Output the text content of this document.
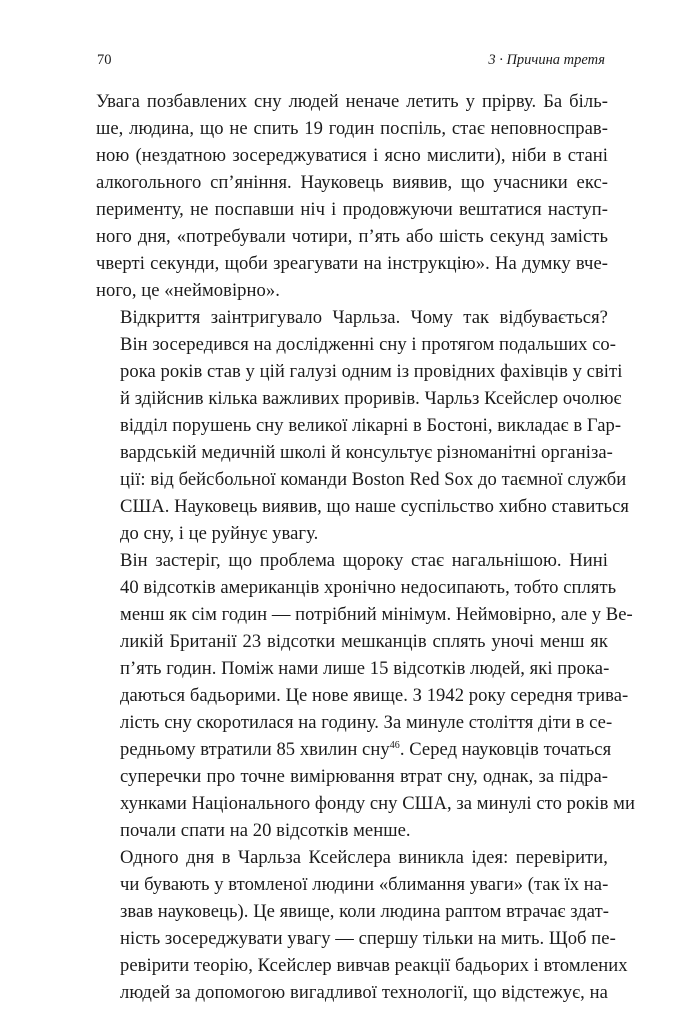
70	3 · Причина третя

Увага позбавлених сну людей неначе летить у прірву. Ба біль-
ше, людина, що не спить 19 годин поспіль, стає неповносправ-
ною (нездатною зосереджуватися і ясно мислити), ніби в стані
алкогольного сп’яніння. Науковець виявив, що учасники екс-
перименту, не поспавши ніч і продовжуючи вештатися наступ-
ного дня, «потребували чотири, п’ять або шість секунд замість
чверті секунди, щоби зреагувати на інструкцію». На думку вче-
ного, це «неймовірно».

Відкриття заінтригувало Чарльза. Чому так відбувається?
Він зосередився на дослідженні сну і протягом подальших со-
рока років став у цій галузі одним із провідних фахівців у світі
й здійснив кілька важливих проривів. Чарльз Ксейслер очолює
відділ порушень сну великої лікарні в Бостоні, викладає в Гар-
вардській медичній школі й консультує різноманітні організа-
ції: від бейсбольної команди Boston Red Sox до таємної служби
США. Науковець виявив, що наше суспільство хибно ставиться
до сну, і це руйнує увагу.

Він застеріг, що проблема щороку стає нагальнішою. Нині
40 відсотків американців хронічно недосипають, тобто сплять
менш як сім годин — потрібний мінімум. Неймовірно, але у Ве-
ликій Британії 23 відсотки мешканців сплять уночі менш як
п’ять годин. Поміж нами лише 15 відсотків людей, які прока-
даються бадьорими. Це нове явище. З 1942 року середня трива-
лість сну скоротилася на годину. За минуле століття діти в се-
редньому втратили 85 хвилин сну$^{46}$. Серед науковців точаться
суперечки про точне вимірювання втрат сну, однак, за підра-
хунками Національного фонду сну США, за минулі сто років ми
почали спати на 20 відсотків менше.

Одного дня в Чарльза Ксейслера виникла ідея: перевірити,
чи бувають у втомленої людини «блимання уваги» (так їх на-
звав науковець). Це явище, коли людина раптом втрачає здат-
ність зосереджувати увагу — спершу тільки на мить. Щоб пе-
ревірити теорію, Ксейслер вивчав реакції бадьорих і втомлених
людей за допомогою вигадливої технології, що відстежує, на
